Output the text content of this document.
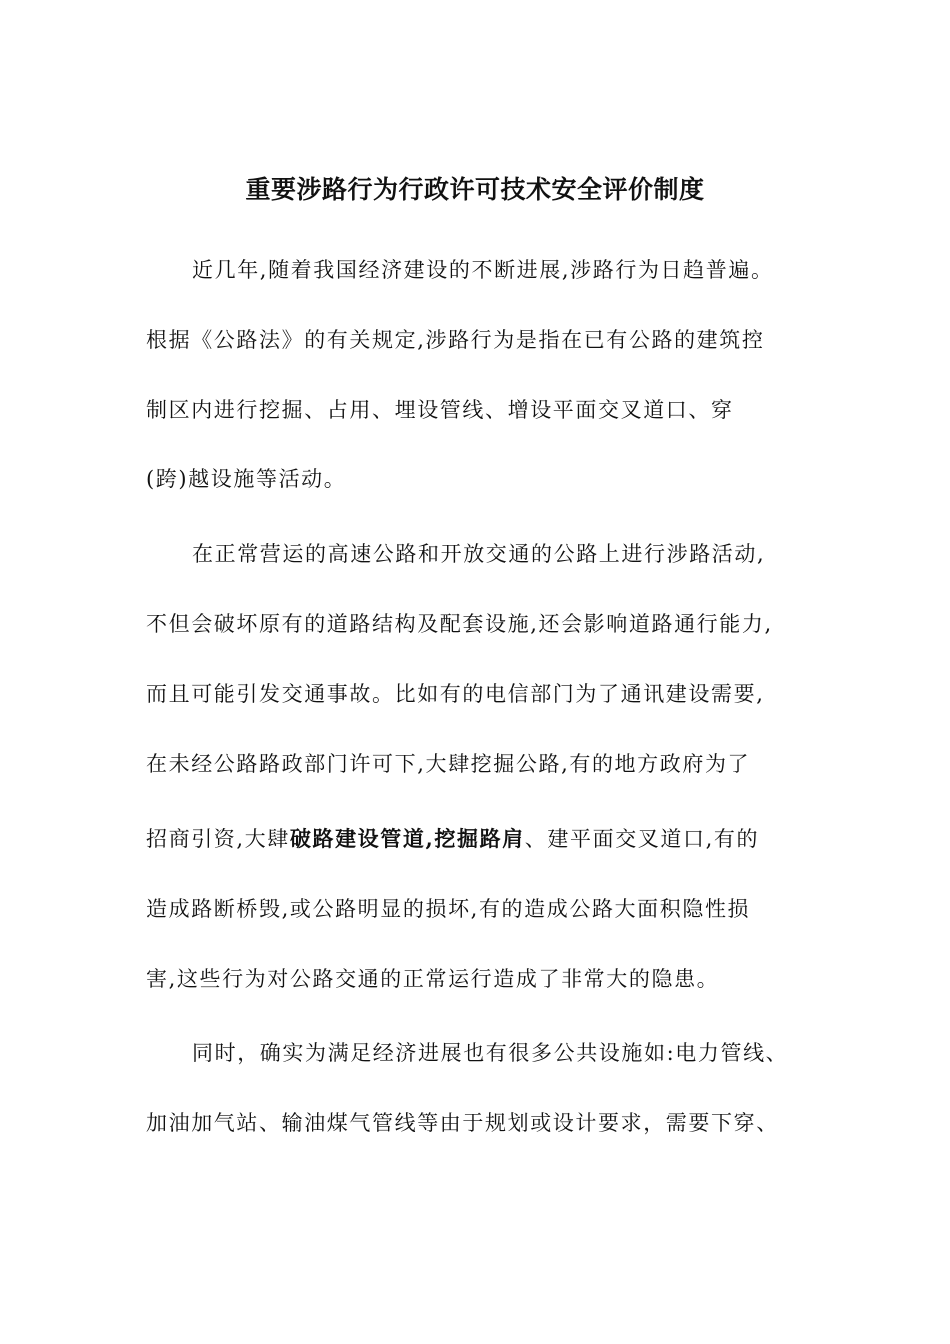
重要涉路行为行政许可技术安全评价制度
近几年,随着我国经济建设的不断进展,涉路行为日趋普遍。
根据《公路法》的有关规定,涉路行为是指在已有公路的建筑控
制区内进行挖掘、占用、埋设管线、增设平面交叉道口、穿
(跨)越设施等活动。
在正常营运的高速公路和开放交通的公路上进行涉路活动,
不但会破坏原有的道路结构及配套设施,还会影响道路通行能力,
而且可能引发交通事故。比如有的电信部门为了通讯建设需要,
在未经公路路政部门许可下,大肆挖掘公路,有的地方政府为了
招商引资,大肆破路建设管道,挖掘路肩、建平面交叉道口,有的
造成路断桥毁,或公路明显的损坏,有的造成公路大面积隐性损
害,这些行为对公路交通的正常运行造成了非常大的隐患。
同时，确实为满足经济进展也有很多公共设施如:电力管线、
加油加气站、输油煤气管线等由于规划或设计要求，需要下穿、
